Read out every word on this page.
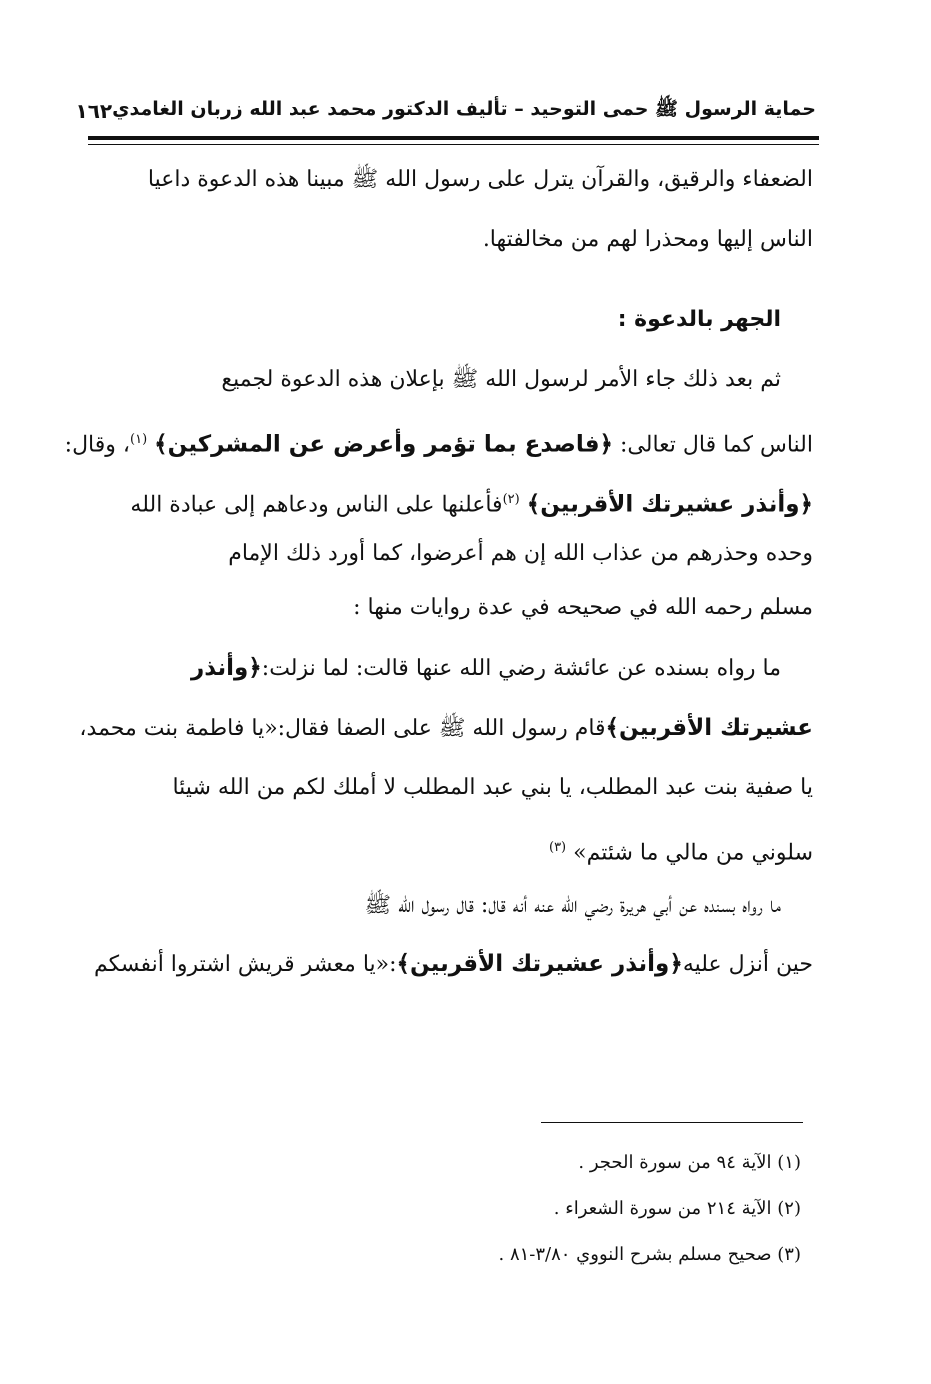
حماية الرسول ﷺ حمى التوحيد – تأليف الدكتور محمد عبد الله زربان الغامدي
١٦٢
الضعفاء والرقيق، والقرآن يترل على رسول الله ﷺ مبينا هذه الدعوة داعيا
الناس إليها ومحذرا لهم من مخالفتها.
الجهر بالدعوة :
ثم بعد ذلك جاء الأمر لرسول الله ﷺ بإعلان هذه الدعوة لجميع
الناس كما قال تعالى: ﴿فاصدع بما تؤمر وأعرض عن المشركين﴾ $^{(١)}$، وقال:
﴿وأنذر عشيرتك الأقربين﴾ $^{(٢)}$فأعلنها على الناس ودعاهم إلى عبادة الله
وحده وحذرهم من عذاب الله إن هم أعرضوا، كما أورد ذلك الإمام
مسلم رحمه الله في صحيحه في عدة روايات منها :
ما رواه بسنده عن عائشة رضي الله عنها قالت: لما نزلت:﴿وأنذر
عشيرتك الأقربين﴾قام رسول الله ﷺ على الصفا فقال:«يا فاطمة بنت محمد،
يا صفية بنت عبد المطلب، يا بني عبد المطلب لا أملك لكم من الله شيئا
سلوني من مالي ما شئتم» $^{(٣)}$
ما رواه بسنده عن أبي هريرة رضي الله عنه أنه قال: قال رسول الله ﷺ
حين أنزل عليه﴿وأنذر عشيرتك الأقربين﴾:«يا معشر قريش اشتروا أنفسكم
(١) الآية ٩٤ من سورة الحجر .
(٢) الآية ٢١٤ من سورة الشعراء .
(٣) صحيح مسلم بشرح النووي ٣/٨٠-٨١ .
